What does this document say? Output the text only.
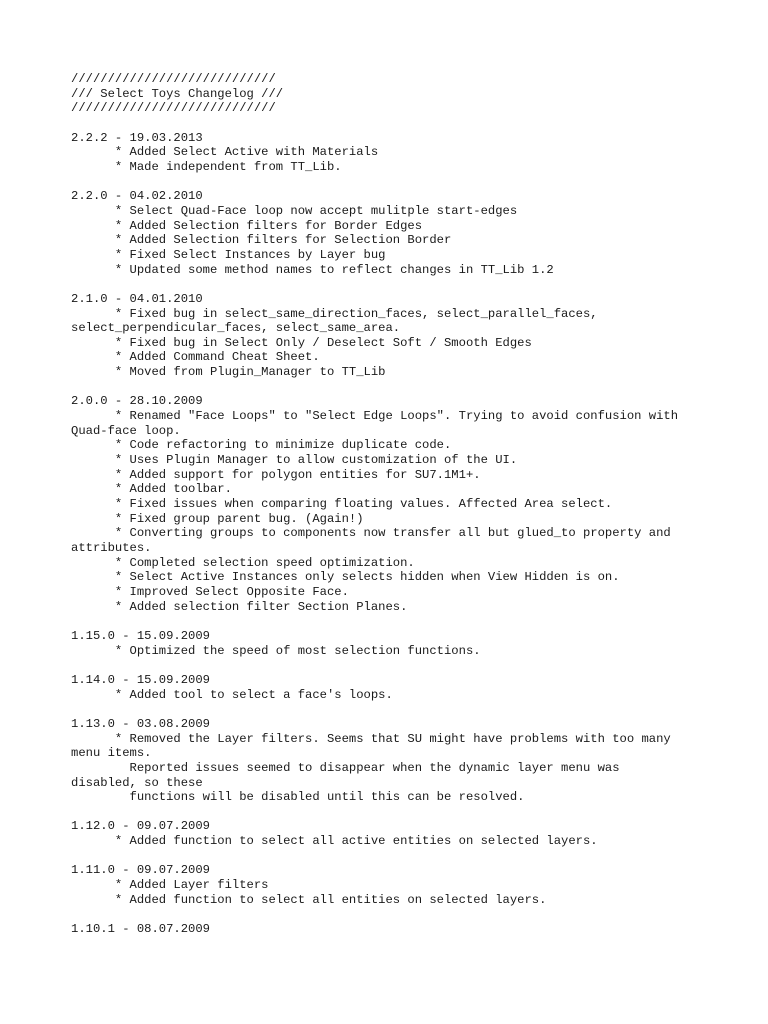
////////////////////////////
/// Select Toys Changelog ///
////////////////////////////
2.2.2 - 19.03.2013
* Added Select Active with Materials
* Made independent from TT_Lib.
2.2.0 - 04.02.2010
* Select Quad-Face loop now accept mulitple start-edges
* Added Selection filters for Border Edges
* Added Selection filters for Selection Border
* Fixed Select Instances by Layer bug
* Updated some method names to reflect changes in TT_Lib 1.2
2.1.0 - 04.01.2010
* Fixed bug in select_same_direction_faces, select_parallel_faces,
select_perpendicular_faces, select_same_area.
* Fixed bug in Select Only / Deselect Soft / Smooth Edges
* Added Command Cheat Sheet.
* Moved from Plugin_Manager to TT_Lib
2.0.0 - 28.10.2009
* Renamed "Face Loops" to "Select Edge Loops". Trying to avoid confusion with
Quad-face loop.
* Code refactoring to minimize duplicate code.
* Uses Plugin Manager to allow customization of the UI.
* Added support for polygon entities for SU7.1M1+.
* Added toolbar.
* Fixed issues when comparing floating values. Affected Area select.
* Fixed group parent bug. (Again!)
* Converting groups to components now transfer all but glued_to property and
attributes.
* Completed selection speed optimization.
* Select Active Instances only selects hidden when View Hidden is on.
* Improved Select Opposite Face.
* Added selection filter Section Planes.
1.15.0 - 15.09.2009
* Optimized the speed of most selection functions.
1.14.0 - 15.09.2009
* Added tool to select a face's loops.
1.13.0 - 03.08.2009
* Removed the Layer filters. Seems that SU might have problems with too many
menu items.
Reported issues seemed to disappear when the dynamic layer menu was
disabled, so these
functions will be disabled until this can be resolved.
1.12.0 - 09.07.2009
* Added function to select all active entities on selected layers.
1.11.0 - 09.07.2009
* Added Layer filters
* Added function to select all entities on selected layers.
1.10.1 - 08.07.2009
